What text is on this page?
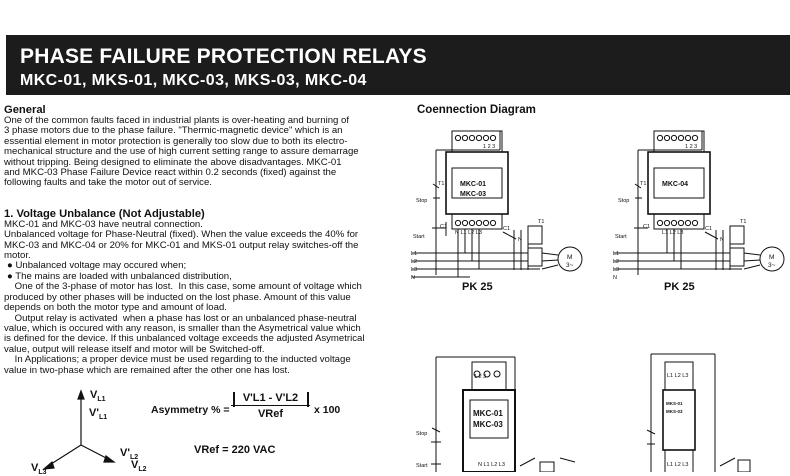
PHASE FAILURE PROTECTION RELAYS
MKC-01, MKS-01, MKC-03, MKS-03, MKC-04
General
One of the common faults faced in industrial plants is over-heating and burning of
3 phase motors due to the phase failure. "Thermic-magnetic device" which is an
essential element in motor protection is generally too slow due to both its electro-
mechanical structure and the use of high current setting range to assure demarrage
without tripping. Being designed to eliminate the above disadvantages. MKC-01
and MKC-03 Phase Failure Device react within 0.2 seconds (fixed) against the
following faults and take the motor out of service.
1. Voltage Unbalance (Not Adjustable)
MKC-01 and MKC-03 have neutral connection.
Unbalanced voltage for Phase-Neutral (fixed). When the value exceeds the 40% for
MKC-03 and MKC-04 or 20% for MKC-01 and MKS-01 output relay switches-off the
motor.
● Unbalanced voltage may occured when;
● The mains are loaded with unbalanced distribution,
One of the 3-phase of motor has lost.  In this case, some amount of voltage which
produced by other phases will be inducted on the lost phase. Amount of this value
depends on both the motor type and amount of load.
Output relay is activated  when a phase has lost or an unbalanced phase-neutral
value, which is occured with any reason, is smaller than the Asymetrical value which
is defined for the device. If this unbalanced voltage exceeds the adjusted Asymetrical
value, output will release itself and motor will be Switched-off.
In Applications; a proper device must be used regarding to the inducted voltage
value in two-phase which are remained after the other one has lost.
$V_{L1}$
$V'_{L1}$
$V'_{L2}$
$V_{L2}$
$V_{L3}$
Asymmetry % =
V'L1 - V'L2
VRef	x 100
VRef = 220 VAC
Coennection Diagram
M
3~
M
3~
MKC-01
MKC-03
MKC-04
MKC-01
MKC-03
MKS-01
MKS-03
1 2 3	1 2 3
N L1 L2 L3	L1 L2 L3
T1	T1
Stop	Stop
Start	Start
C1	C1
C1	C1
T1	T1
N	N
L1
L2
L3
N
L1
L2
L3
N
1 2 3
Stop
Start	N L1 L2 L3
L1 L2 L3
L1 L2 L3
PK 25	PK 25
